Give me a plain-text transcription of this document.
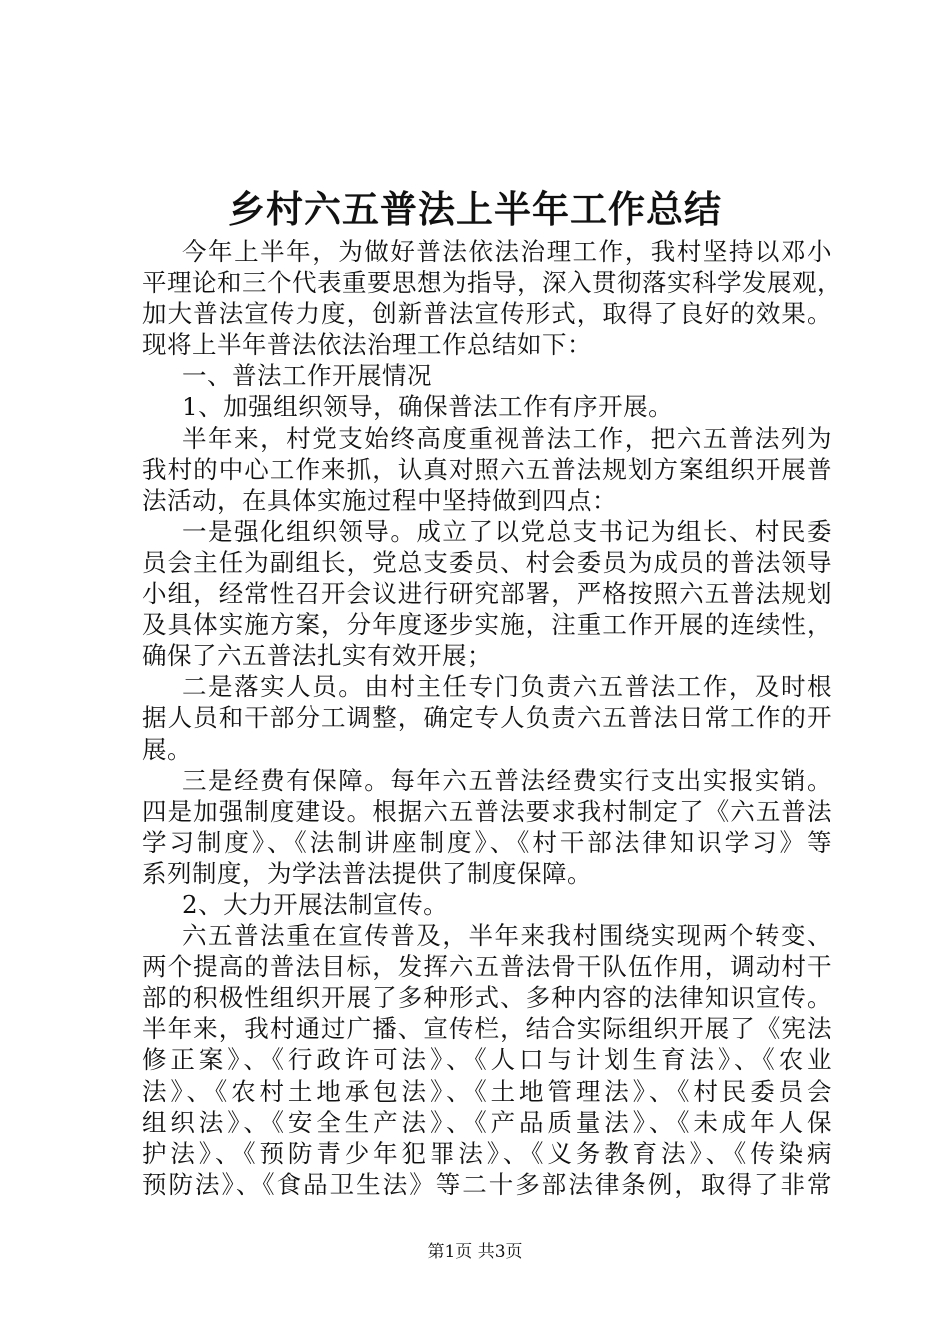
乡村六五普法上半年工作总结
今年上半年，为做好普法依法治理工作，我村坚持以邓小
平理论和三个代表重要思想为指导，深入贯彻落实科学发展观，
加大普法宣传力度，创新普法宣传形式，取得了良好的效果。
现将上半年普法依法治理工作总结如下：
一、普法工作开展情况
1、加强组织领导，确保普法工作有序开展。
半年来，村党支始终高度重视普法工作，把六五普法列为
我村的中心工作来抓，认真对照六五普法规划方案组织开展普
法活动，在具体实施过程中坚持做到四点：
一是强化组织领导。成立了以党总支书记为组长、村民委
员会主任为副组长，党总支委员、村会委员为成员的普法领导
小组，经常性召开会议进行研究部署，严格按照六五普法规划
及具体实施方案，分年度逐步实施，注重工作开展的连续性，
确保了六五普法扎实有效开展；
二是落实人员。由村主任专门负责六五普法工作，及时根
据人员和干部分工调整，确定专人负责六五普法日常工作的开
展。
三是经费有保障。每年六五普法经费实行支出实报实销。
四是加强制度建设。根据六五普法要求我村制定了《六五普法
学习制度》、《法制讲座制度》、《村干部法律知识学习》等
系列制度，为学法普法提供了制度保障。
2、大力开展法制宣传。
六五普法重在宣传普及，半年来我村围绕实现两个转变、
两个提高的普法目标，发挥六五普法骨干队伍作用，调动村干
部的积极性组织开展了多种形式、多种内容的法律知识宣传。
半年来，我村通过广播、宣传栏，结合实际组织开展了《宪法
修正案》、《行政许可法》、《人口与计划生育法》、《农业
法》、《农村土地承包法》、《土地管理法》、《村民委员会
组织法》、《安全生产法》、《产品质量法》、《未成年人保
护法》、《预防青少年犯罪法》、《义务教育法》、《传染病
预防法》、《食品卫生法》等二十多部法律条例，取得了非常
第1页 共3页
